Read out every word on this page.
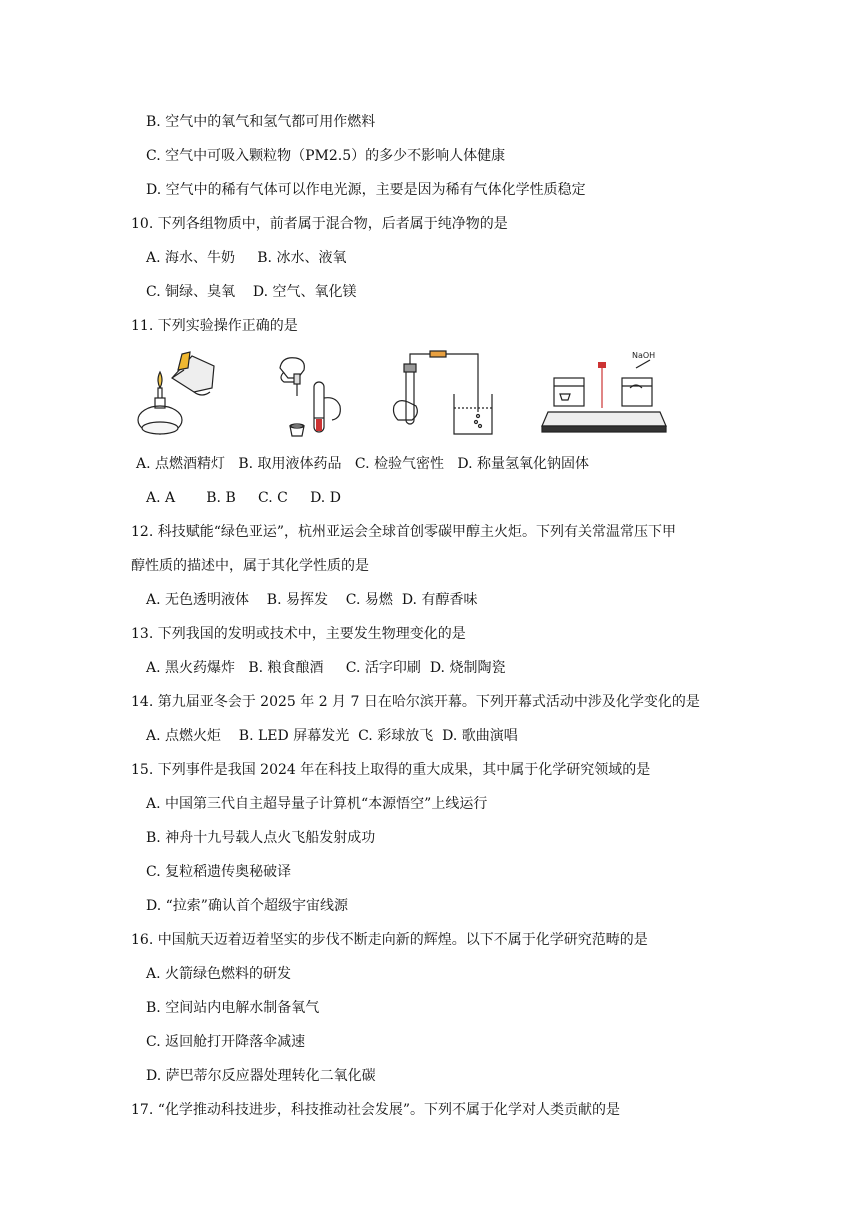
B. 空气中的氧气和氢气都可用作燃料
C. 空气中可吸入颗粒物（PM2.5）的多少不影响人体健康
D. 空气中的稀有气体可以作电光源，主要是因为稀有气体化学性质稳定
10. 下列各组物质中，前者属于混合物，后者属于纯净物的是
A. 海水、牛奶     B. 冰水、液氧
C. 铜绿、臭氧    D. 空气、氧化镁
11. 下列实验操作正确的是
NaOH
A. 点燃酒精灯   B. 取用液体药品   C. 检验气密性   D. 称量氢氧化钠固体
A. A       B. B     C. C     D. D
12. 科技赋能“绿色亚运”，杭州亚运会全球首创零碳甲醇主火炬。下列有关常温常压下甲
醇性质的描述中，属于其化学性质的是
A. 无色透明液体    B. 易挥发    C. 易燃  D. 有醇香味
13. 下列我国的发明或技术中，主要发生物理变化的是
A. 黑火药爆炸   B. 粮食酿酒     C. 活字印刷  D. 烧制陶瓷
14. 第九届亚冬会于 2025 年 2 月 7 日在哈尔滨开幕。下列开幕式活动中涉及化学变化的是
A. 点燃火炬    B. LED 屏幕发光  C. 彩球放飞  D. 歌曲演唱
15. 下列事件是我国 2024 年在科技上取得的重大成果，其中属于化学研究领域的是
A. 中国第三代自主超导量子计算机“本源悟空”上线运行
B. 神舟十九号载人点火飞船发射成功
C. 复粒稻遗传奥秘破译
D. “拉索”确认首个超级宇宙线源
16. 中国航天迈着迈着坚实的步伐不断走向新的辉煌。以下不属于化学研究范畴的是
A. 火箭绿色燃料的研发
B. 空间站内电解水制备氧气
C. 返回舱打开降落伞减速
D. 萨巴蒂尔反应器处理转化二氧化碳
17. “化学推动科技进步，科技推动社会发展”。下列不属于化学对人类贡献的是
